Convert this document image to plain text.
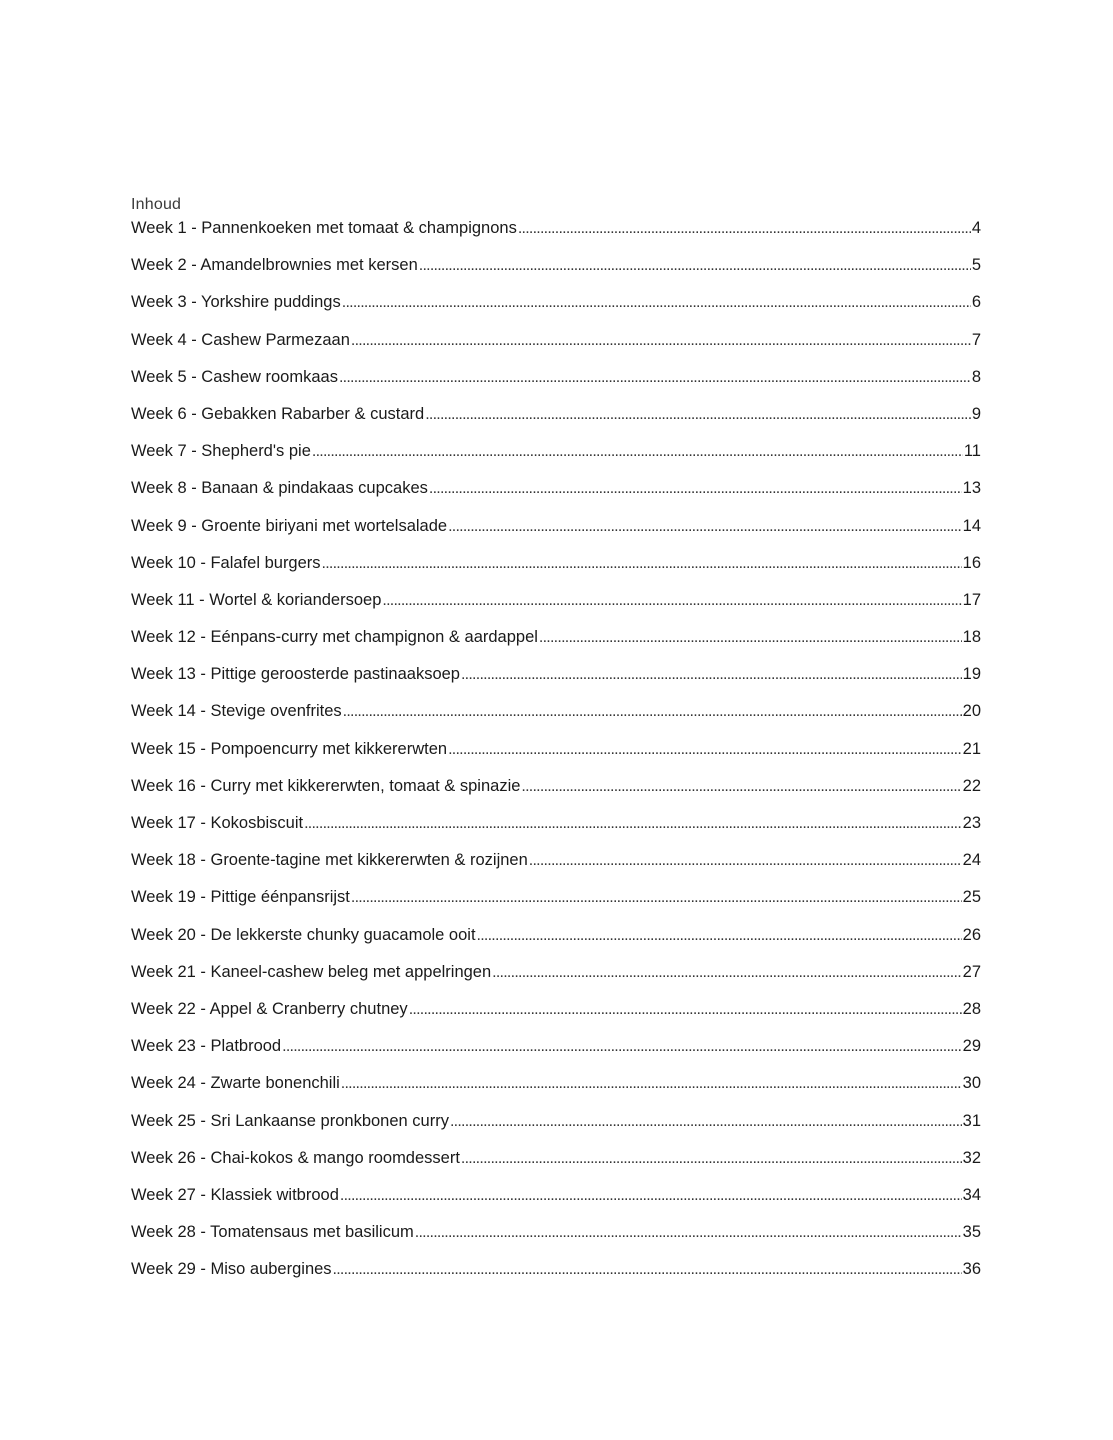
Inhoud
Week 1 - Pannenkoeken met tomaat & champignons . . .	4
Week 2 - Amandelbrownies met kersen . . .	5
Week 3 - Yorkshire puddings . . .	6
Week 4 - Cashew Parmezaan . . .	7
Week 5 - Cashew roomkaas . . .	8
Week 6 - Gebakken Rabarber & custard . . .	9
Week 7 - Shepherd's pie . . .	11
Week 8 - Banaan & pindakaas cupcakes . . .	13
Week 9 - Groente biriyani met wortelsalade . . .	14
Week 10 - Falafel burgers . . .	16
Week 11 - Wortel & koriandersoep . . .	17
Week 12 - Eénpans-curry met champignon & aardappel . . .	18
Week 13 - Pittige geroosterde pastinaaksoep . . .	19
Week 14 - Stevige ovenfrites . . .	20
Week 15 - Pompoencurry met kikkererwten . . .	21
Week 16 - Curry met kikkererwten, tomaat & spinazie . . .	22
Week 17 - Kokosbiscuit . . .	23
Week 18 - Groente-tagine met kikkererwten & rozijnen . . .	24
Week 19 - Pittige éénpansrijst . . .	25
Week 20 - De lekkerste chunky guacamole ooit . . .	26
Week 21 - Kaneel-cashew beleg met appelringen . . .	27
Week 22 - Appel & Cranberry chutney . . .	28
Week 23 - Platbrood . . .	29
Week 24 - Zwarte bonenchili . . .	30
Week 25 - Sri Lankaanse pronkbonen curry . . .	31
Week 26 - Chai-kokos & mango roomdessert . . .	32
Week 27 - Klassiek witbrood . . .	34
Week 28 - Tomatensaus met basilicum . . .	35
Week 29 - Miso aubergines . . .	36
